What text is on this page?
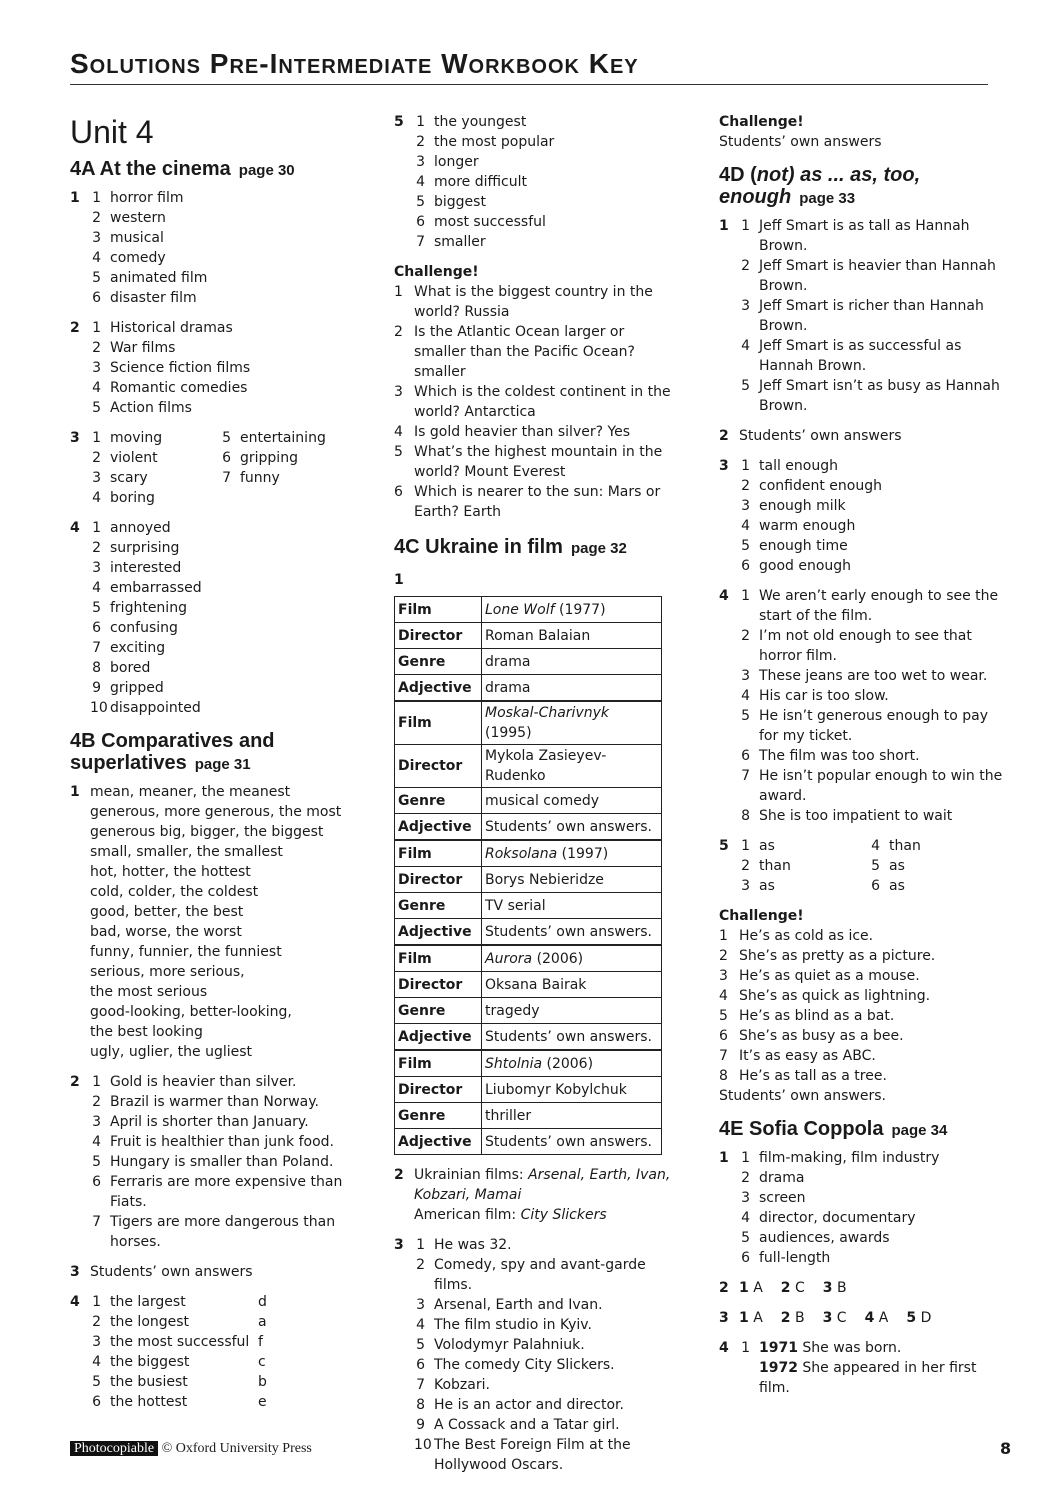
Solutions Pre-Intermediate Workbook Key
Unit 4
4A At the cinema page 30
1 1 horror film
2 western
3 musical
4 comedy
5 animated film
6 disaster film
2 1 Historical dramas
2 War films
3 Science fiction films
4 Romantic comedies
5 Action films
3 1 moving	5 entertaining
2 violent	6 gripping
3 scary	7 funny
4 boring
4 1 annoyed
2 surprising
3 interested
4 embarrassed
5 frightening
6 confusing
7 exciting
8 bored
9 gripped
10 disappointed
4B Comparatives and
superlatives page 31
1 mean, meaner, the meanest
generous, more generous, the most
generous big, bigger, the biggest
small, smaller, the smallest
hot, hotter, the hottest
cold, colder, the coldest
good, better, the best
bad, worse, the worst
funny, funnier, the funniest
serious, more serious,
the most serious
good-looking, better-looking,
the best looking
ugly, uglier, the ugliest
2 1 Gold is heavier than silver.
2 Brazil is warmer than Norway.
3 April is shorter than January.
4 Fruit is healthier than junk food.
5 Hungary is smaller than Poland.
6 Ferraris are more expensive than Fiats.
7 Tigers are more dangerous than horses.
3 Students’ own answers
4 1 the largest	d
2 the longest	a
3 the most successful f
4 the biggest	c
5 the busiest	b
6 the hottest	e
5 1 the youngest
2 the most popular
3 longer
4 more difficult
5 biggest
6 most successful
7 smaller

Challenge!

1 What is the biggest country in the world? Russia
2 Is the Atlantic Ocean larger or smaller than the Pacific Ocean? smaller
3 Which is the coldest continent in the world? Antarctica
4 Is gold heavier than silver? Yes
5 What’s the highest mountain in the world? Mount Everest
6 Which is nearer to the sun: Mars or Earth? Earth
4C Ukraine in film page 32
1
Film	Lone Wolf (1977)
Director	Roman Balaian
Genre	drama
Adjective	drama
Film	Moskal-Charivnyk (1995)
Director	Mykola Zasieyev-Rudenko
Genre	musical comedy
Adjective	Students’ own answers.
Film	Roksolana (1997)
Director	Borys Nebieridze
Genre	TV serial
Adjective	Students’ own answers.
Film	Aurora (2006)
Director	Oksana Bairak
Genre	tragedy
Adjective	Students’ own answers.
Film	Shtolnia (2006)
Director	Liubomyr Kobylchuk
Genre	thriller
Adjective	Students’ own answers.
2 Ukrainian films: Arsenal, Earth, Ivan, Kobzari, Mamai
American film: City Slickers
3 1 He was 32.
2 Comedy, spy and avant-garde films.
3 Arsenal, Earth and Ivan.
4 The film studio in Kyiv.
5 Volodymyr Palahniuk.
6 The comedy City Slickers.
7 Kobzari.
8 He is an actor and director.
9 A Cossack and a Tatar girl.
10 The Best Foreign Film at the Hollywood Oscars.

Challenge!

Students’ own answers

4D (not) as ... as, too,
enough page 33
1 1 Jeff Smart is as tall as Hannah Brown.
2 Jeff Smart is heavier than Hannah Brown.
3 Jeff Smart is richer than Hannah Brown.
4 Jeff Smart is as successful as Hannah Brown.
5 Jeff Smart isn’t as busy as Hannah Brown.
2 Students’ own answers
3 1 tall enough
2 confident enough
3 enough milk
4 warm enough
5 enough time
6 good enough
4 1 We aren’t early enough to see the start of the film.
2 I’m not old enough to see that horror film.
3 These jeans are too wet to wear.
4 His car is too slow.
5 He isn’t generous enough to pay for my ticket.
6 The film was too short.
7 He isn’t popular enough to win the award.
8 She is too impatient to wait
5 1 as	4 than
2 than	5 as
3 as	6 as

Challenge!

1 He’s as cold as ice.
2 She’s as pretty as a picture.
3 He’s as quiet as a mouse.
4 She’s as quick as lightning.
5 He’s as blind as a bat.
6 She’s as busy as a bee.
7 It’s as easy as ABC.
8 He’s as tall as a tree.

Students’ own answers.

4E Sofia Coppola page 34
1 1 film-making, film industry
2 drama
3 screen
4 director, documentary
5 audiences, awards
6 full-length
2 1 A 2 C 3 B
3 1 A 2 B 3 C 4 A 5 D
4 1 1971 She was born.
1972 She appeared in her first film.
Photocopiable © Oxford University Press	8
